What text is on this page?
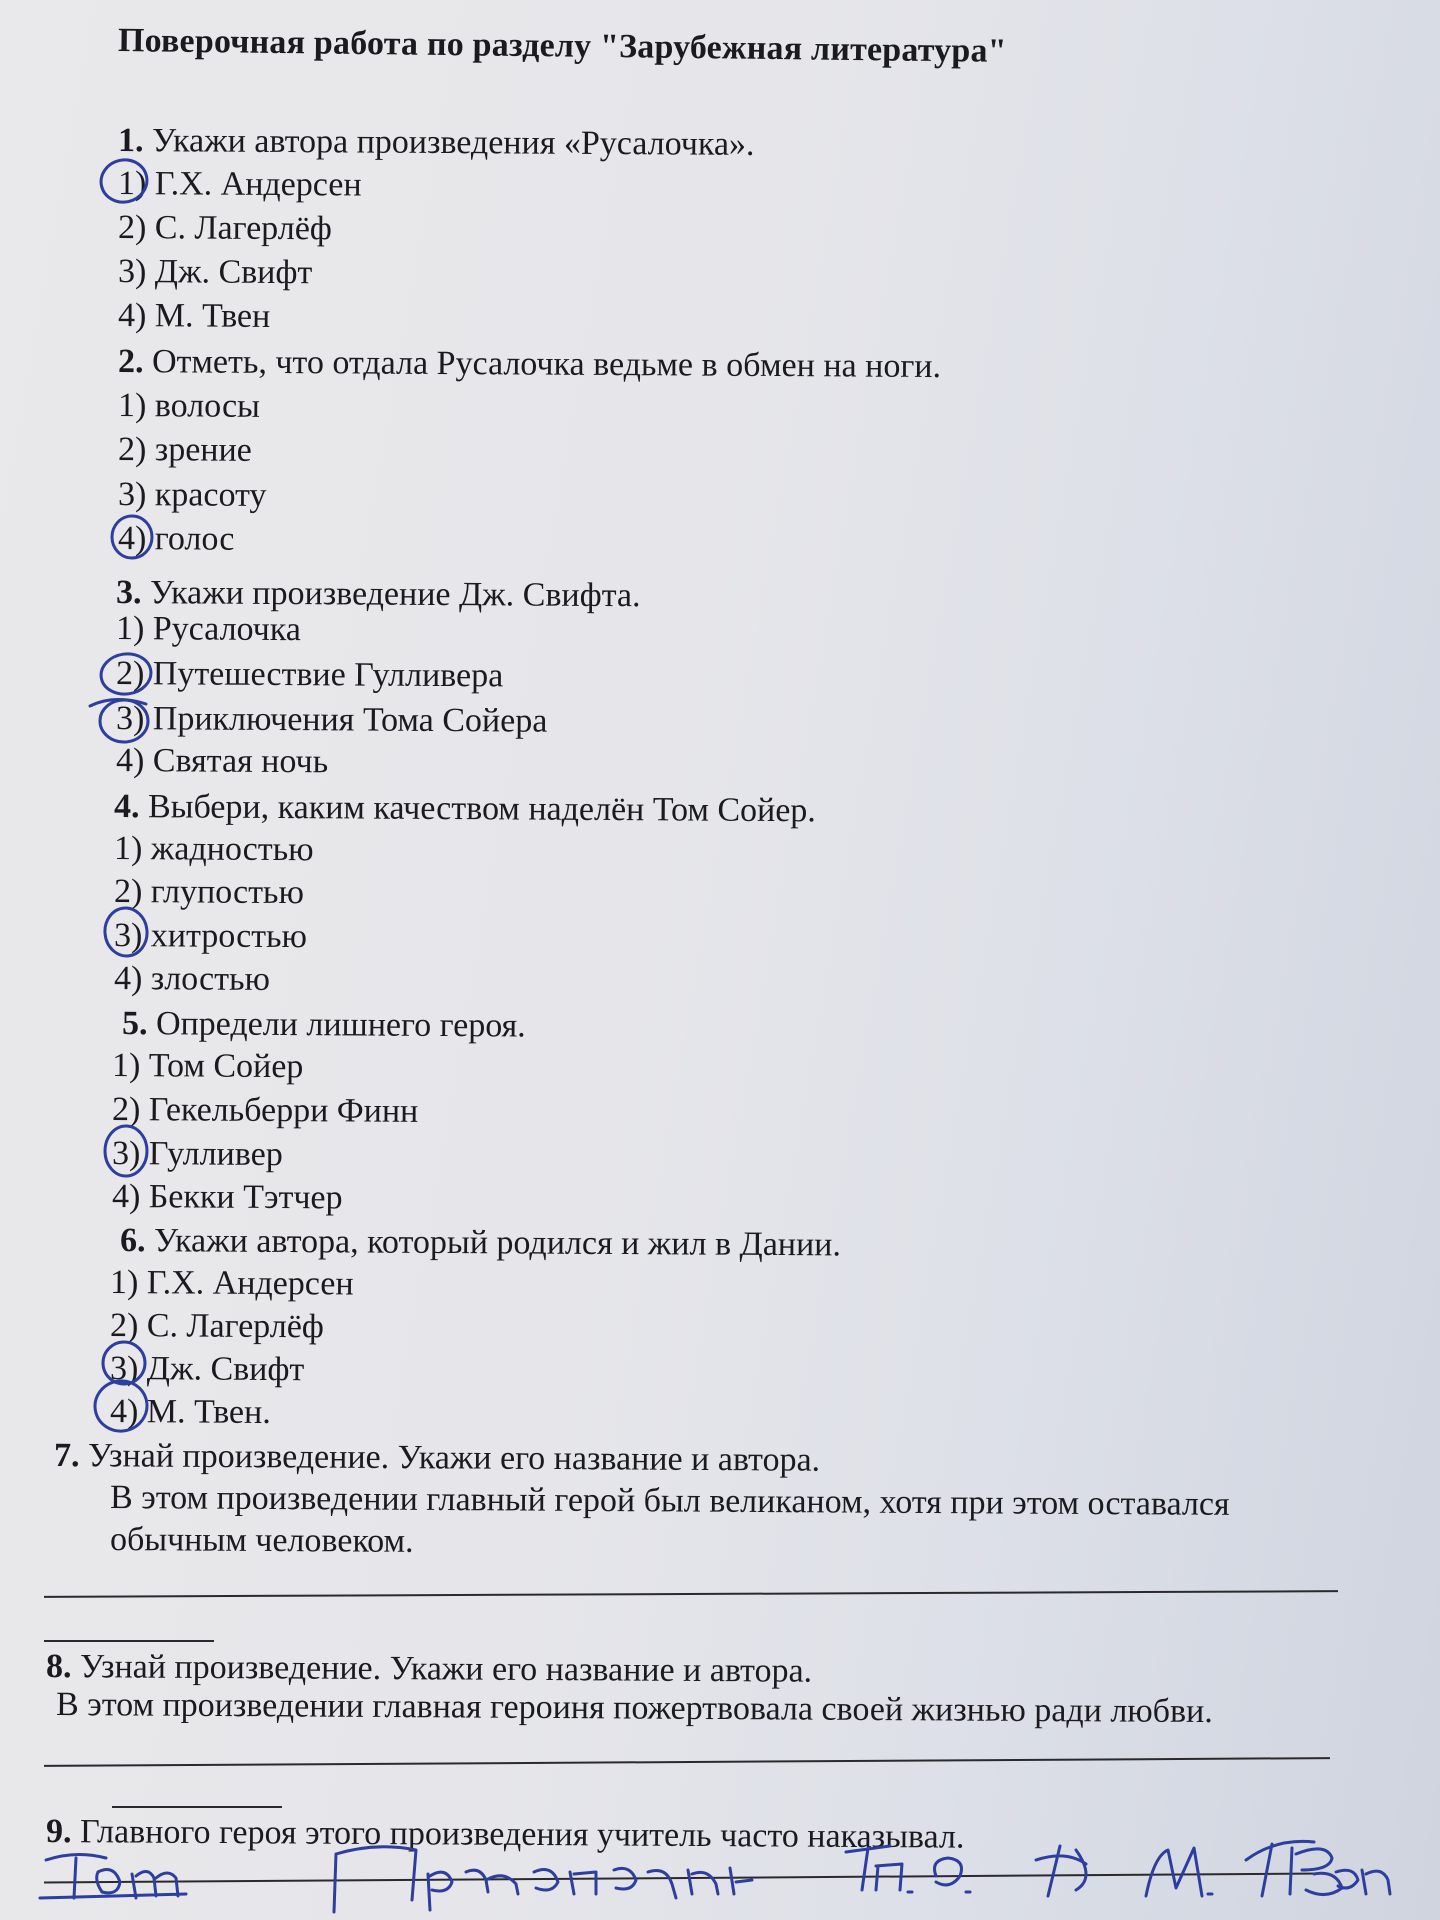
Поверочная работа по разделу "Зарубежная литература"
1. Укажи автора произведения «Русалочка».
1) Г.Х. Андерсен
2) С. Лагерлёф
3) Дж. Свифт
4) М. Твен
2. Отметь, что отдала Русалочка ведьме в обмен на ноги.
1) волосы
2) зрение
3) красоту
4) голос
3. Укажи произведение Дж. Свифта.
1) Русалочка
2) Путешествие Гулливера
3) Приключения Тома Сойера
4) Святая ночь
4. Выбери, каким качеством наделён Том Сойер.
1) жадностью
2) глупостью
3) хитростью
4) злостью
5. Определи лишнего героя.
1) Том Сойер
2) Гекельберри Финн
3) Гулливер
4) Бекки Тэтчер
6. Укажи автора, который родился и жил в Дании.
1) Г.Х. Андерсен
2) С. Лагерлёф
3) Дж. Свифт
4) М. Твен.
7. Узнай произведение. Укажи его название и автора.
В этом произведении главный герой был великаном, хотя при этом оставался
обычным человеком.
8. Узнай произведение. Укажи его название и автора.
В этом произведении главная героиня пожертвовала своей жизнью ради любви.
9. Главного героя этого произведения учитель часто наказывал.
